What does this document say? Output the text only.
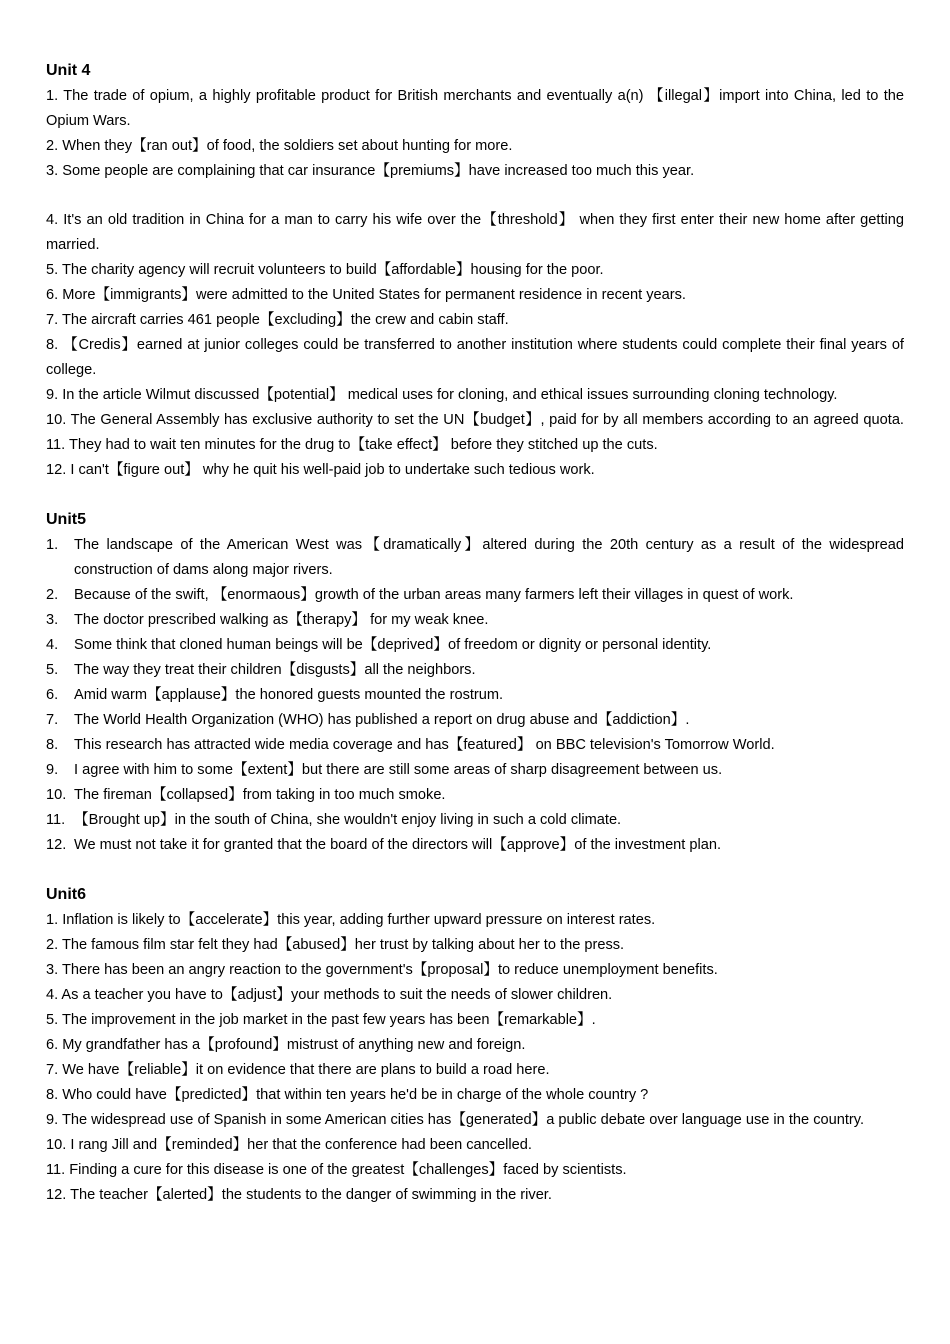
Unit 4

1. The trade of opium, a highly profitable product for British merchants and eventually a(n) 【illegal】import into China, led to the Opium Wars.

2. When they【ran out】of food, the soldiers set about hunting for more.

3. Some people are complaining that car insurance【premiums】have increased too much this year.

4. It's an old tradition in China for a man to carry his wife over the【threshold】 when they first enter their new home after getting married.

5. The charity agency will recruit volunteers to build【affordable】housing for the poor.

6. More【immigrants】were admitted to the United States for permanent residence in recent years.

7. The aircraft carries 461 people【excluding】the crew and cabin staff.

8. 【Credis】earned at junior colleges could be transferred to another institution where students could complete their final years of college.

9. In the article Wilmut discussed【potential】 medical uses for cloning, and ethical issues surrounding cloning technology.

10. The General Assembly has exclusive authority to set the UN【budget】, paid for by all members according to an agreed quota. 11. They had to wait ten minutes for the drug to【take effect】 before they stitched up the cuts.

12. I can't【figure out】 why he quit his well-paid job to undertake such tedious work.

Unit5

1.	The landscape of the American West was【dramatically】altered during the 20th century as a result of the widespread construction of dams along major rivers.
2.	Because of the swift, 【enormaous】growth of the urban areas many farmers left their villages in quest of work.
3.	The doctor prescribed walking as【therapy】 for my weak knee.
4.	Some think that cloned human beings will be【deprived】of freedom or dignity or personal identity.
5.	The way they treat their children【disgusts】all the neighbors.
6.	Amid warm【applause】the honored guests mounted the rostrum.
7.	The World Health Organization (WHO) has published a report on drug abuse and【addiction】.
8.	This research has attracted wide media coverage and has【featured】 on BBC television's Tomorrow World.
9.	I agree with him to some【extent】but there are still some areas of sharp disagreement between us.
10. The fireman【collapsed】from taking in too much smoke.
11. 【Brought up】in the south of China, she wouldn't enjoy living in such a cold climate.
12. We must not take it for granted that the board of the directors will【approve】of the investment plan.

Unit6

1. Inflation is likely to【accelerate】this year, adding further upward pressure on interest rates.

2. The famous film star felt they had【abused】her trust by talking about her to the press.

3. There has been an angry reaction to the government's【proposal】to reduce unemployment benefits.

4. As a teacher you have to【adjust】your methods to suit the needs of slower children.

5. The improvement in the job market in the past few years has been【remarkable】.

6. My grandfather has a【profound】mistrust of anything new and foreign.

7. We have【reliable】it on evidence that there are plans to build a road here.

8. Who could have【predicted】that within ten years he'd be in charge of the whole country ?

9. The widespread use of Spanish in some American cities has【generated】a public debate over language use in the country.

10. I rang Jill and【reminded】her that the conference had been cancelled.

11. Finding a cure for this disease is one of the greatest【challenges】faced by scientists.

12. The teacher【alerted】the students to the danger of swimming in the river.
